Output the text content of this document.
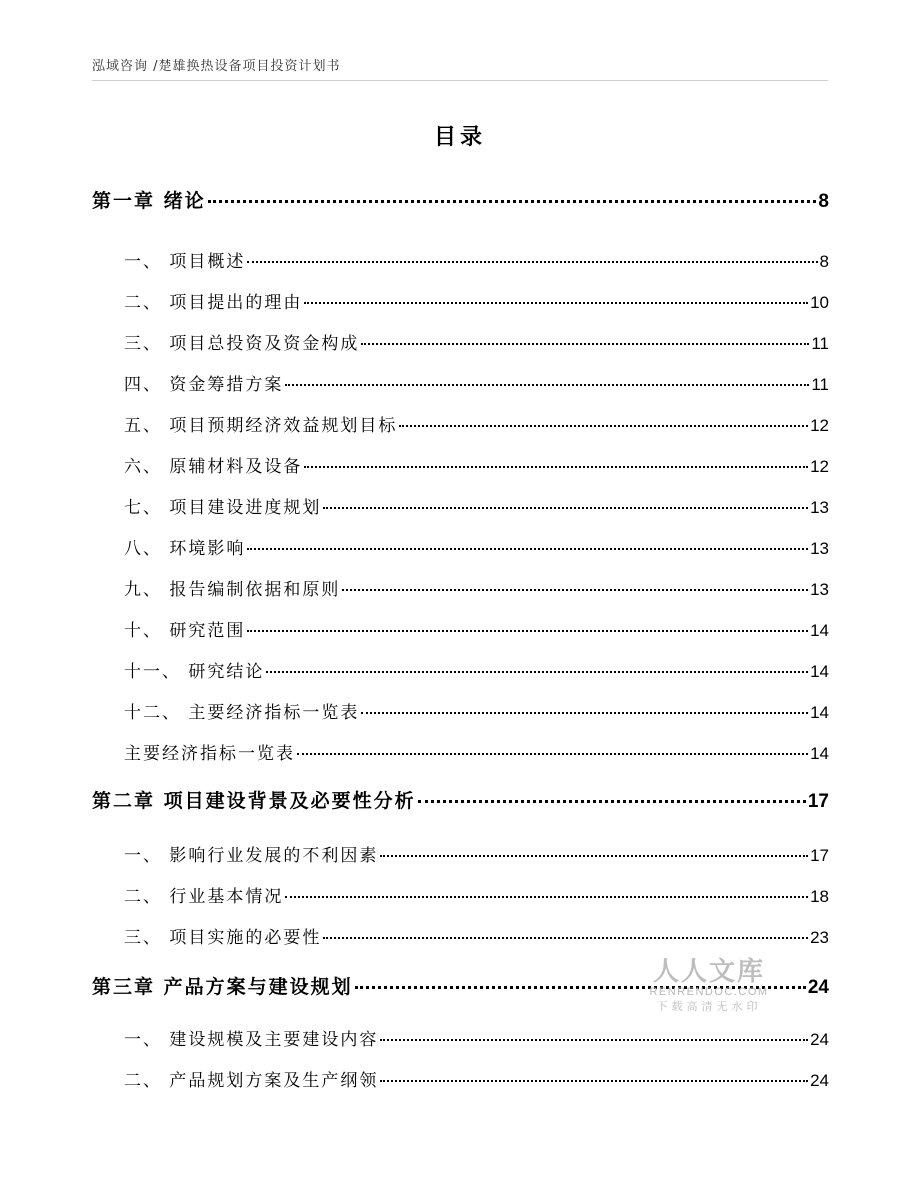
泓域咨询 /楚雄换热设备项目投资计划书
目录
第一章 绪论	8
一、 项目概述	8
二、 项目提出的理由	10
三、 项目总投资及资金构成	11
四、 资金筹措方案	11
五、 项目预期经济效益规划目标	12
六、 原辅材料及设备	12
七、 项目建设进度规划	13
八、 环境影响	13
九、 报告编制依据和原则	13
十、 研究范围	14
十一、 研究结论	14
十二、 主要经济指标一览表	14
主要经济指标一览表	14
第二章 项目建设背景及必要性分析	17
一、 影响行业发展的不利因素	17
二、 行业基本情况	18
三、 项目实施的必要性	23
第三章 产品方案与建设规划	24
一、 建设规模及主要建设内容	24
二、 产品规划方案及生产纲领	24
人人文库
RENRENDOC.COM
下载高清无水印
